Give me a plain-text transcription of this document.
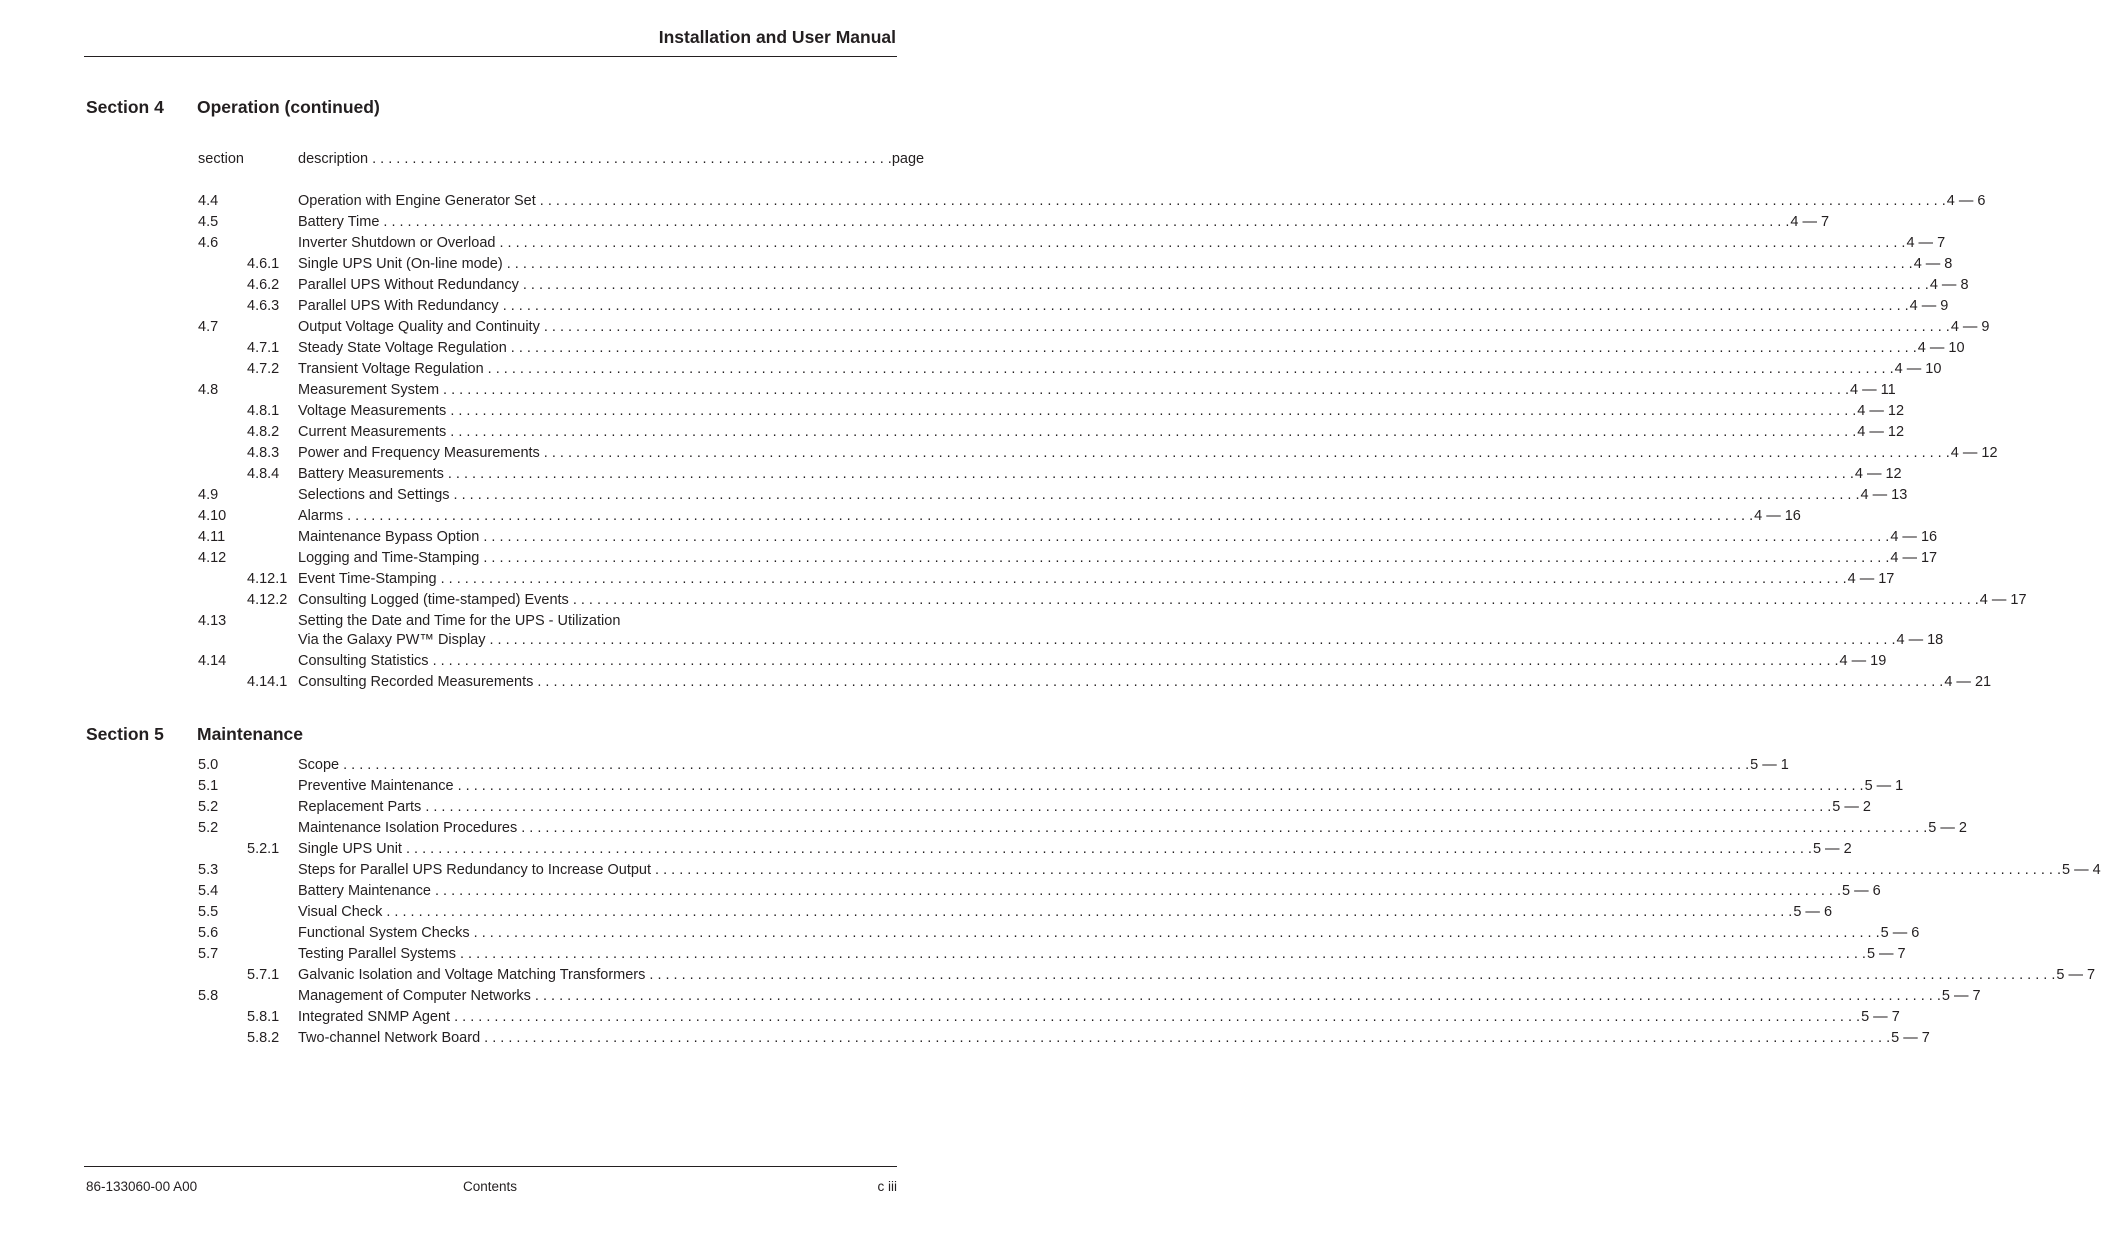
Installation and User Manual
Section 4 Operation (continued)
section	description . . . . . . . . . . . . . . . . . . . . . . . . . . . . . . . . . . . . . . . . . . . . . . . . . . . . . . . . . . . . . . . . . page
4.4	Operation with Engine Generator Set . . .	4 — 6
4.5	Battery Time . . .	4 — 7
4.6	Inverter Shutdown or Overload . . .	4 — 7
4.6.1 Single UPS Unit (On-line mode) . . .	4 — 8
4.6.2 Parallel UPS Without Redundancy . . .	4 — 8
4.6.3 Parallel UPS With Redundancy . . .	4 — 9
4.7	Output Voltage Quality and Continuity . . .	4 — 9
4.7.1 Steady State Voltage Regulation . . .	4 — 10
4.7.2 Transient Voltage Regulation . . .	4 — 10
4.8	Measurement System . . .	4 — 11
4.8.1 Voltage Measurements . . .	4 — 12
4.8.2 Current Measurements . . .	4 — 12
4.8.3 Power and Frequency Measurements . . .	4 — 12
4.8.4 Battery Measurements . . .	4 — 12
4.9	Selections and Settings . . .	4 — 13
4.10	Alarms . . .	4 — 16
4.11	Maintenance Bypass Option . . .	4 — 16
4.12	Logging and Time-Stamping . . .	4 — 17
4.12.1 Event Time-Stamping . . .	4 — 17
4.12.2 Consulting Logged (time-stamped) Events . . .	4 — 17
4.13	Setting the Date and Time for the UPS - Utilization
Via the Galaxy PW™ Display . . .	4 — 18
4.14	Consulting Statistics . . .	4 — 19
4.14.1 Consulting Recorded Measurements . . .	4 — 21
Section 5 Maintenance
5.0	Scope . . .	5 — 1
5.1	Preventive Maintenance . . .	5 — 1
5.2	Replacement Parts . . .	5 — 2
5.2	Maintenance Isolation Procedures . . .	5 — 2
5.2.1 Single UPS Unit . . .	5 — 2
5.3	Steps for Parallel UPS Redundancy to Increase Output . . .	5 — 4
5.4	Battery Maintenance . . .	5 — 6
5.5	Visual Check . . .	5 — 6
5.6	Functional System Checks . . .	5 — 6
5.7	Testing Parallel Systems . . .	5 — 7
5.7.1 Galvanic Isolation and Voltage Matching Transformers . . .	5 — 7
5.8	Management of Computer Networks . . .	5 — 7
5.8.1 Integrated SNMP Agent . . .	5 — 7
5.8.2 Two-channel Network Board . . .	5 — 7
86-133060-00 A00	Contents	c iii
